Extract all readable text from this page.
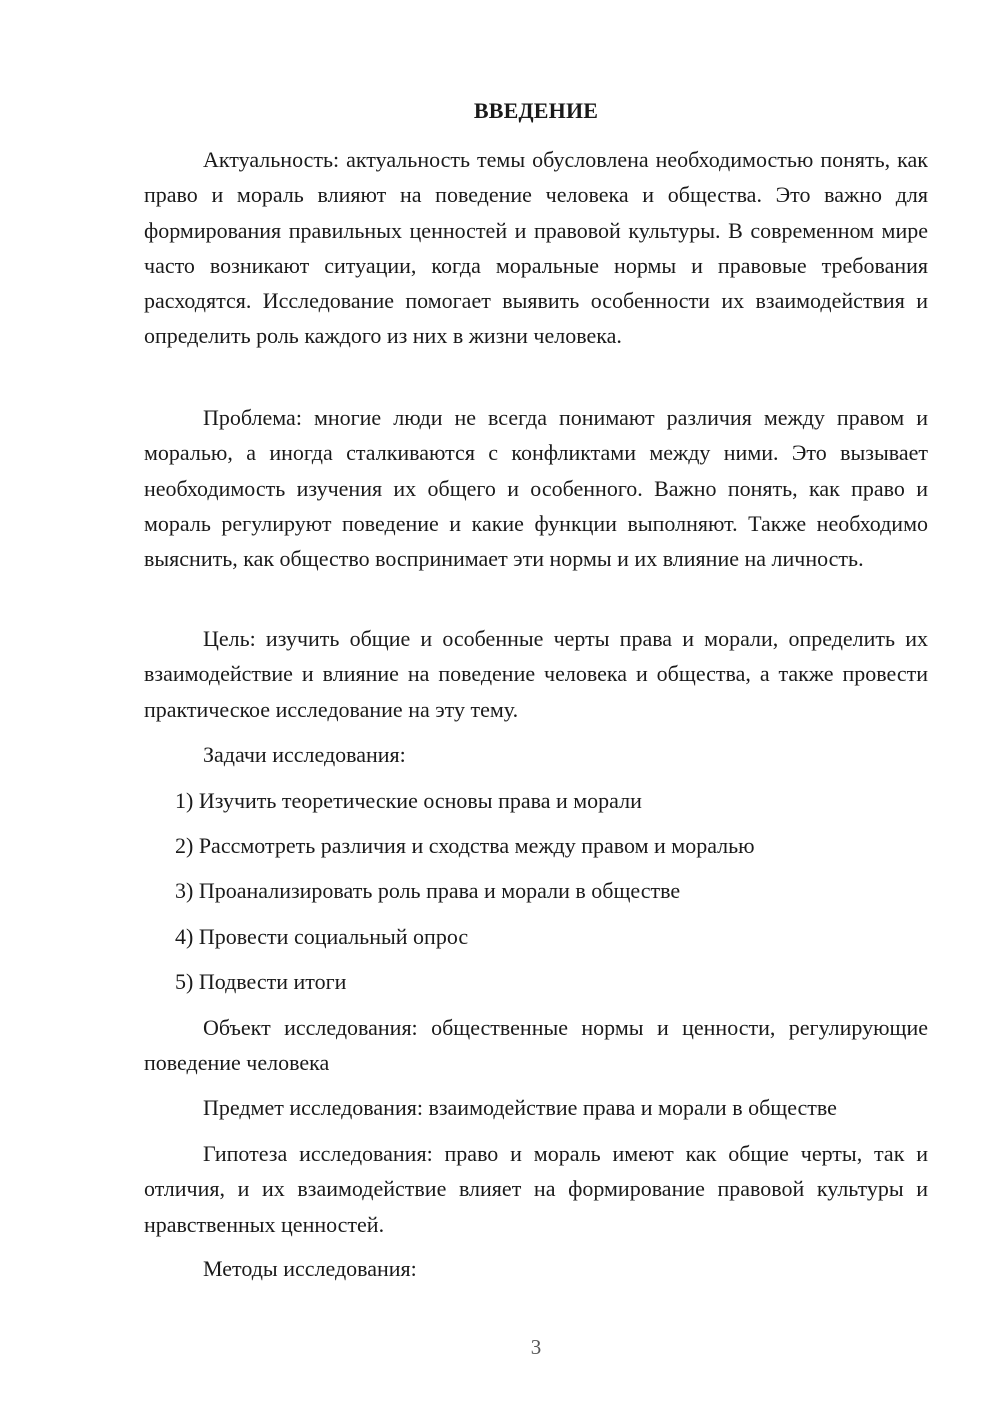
ВВЕДЕНИЕ

Актуальность: актуальность темы обусловлена необходимостью понять, как право и мораль влияют на поведение человека и общества. Это важно для формирования правильных ценностей и правовой культуры. В современном мире часто возникают ситуации, когда моральные нормы и правовые требования расходятся. Исследование помогает выявить особенности их взаимодействия и определить роль каждого из них в жизни человека.

Проблема: многие люди не всегда понимают различия между правом и моралью, а иногда сталкиваются с конфликтами между ними. Это вызывает необходимость изучения их общего и особенного. Важно понять, как право и мораль регулируют поведение и какие функции выполняют. Также необходимо выяснить, как общество воспринимает эти нормы и их влияние на личность.

Цель: изучить общие и особенные черты права и морали, определить их взаимодействие и влияние на поведение человека и общества, а также провести практическое исследование на эту тему.

Задачи исследования:

1) Изучить теоретические основы права и морали

2) Рассмотреть различия и сходства между правом и моралью

3) Проанализировать роль права и морали в обществе

4) Провести социальный опрос

5) Подвести итоги

Объект исследования: общественные нормы и ценности, регулирующие поведение человека

Предмет исследования: взаимодействие права и морали в обществе

Гипотеза исследования: право и мораль имеют как общие черты, так и отличия, и их взаимодействие влияет на формирование правовой культуры и нравственных ценностей.

Методы исследования:

3
